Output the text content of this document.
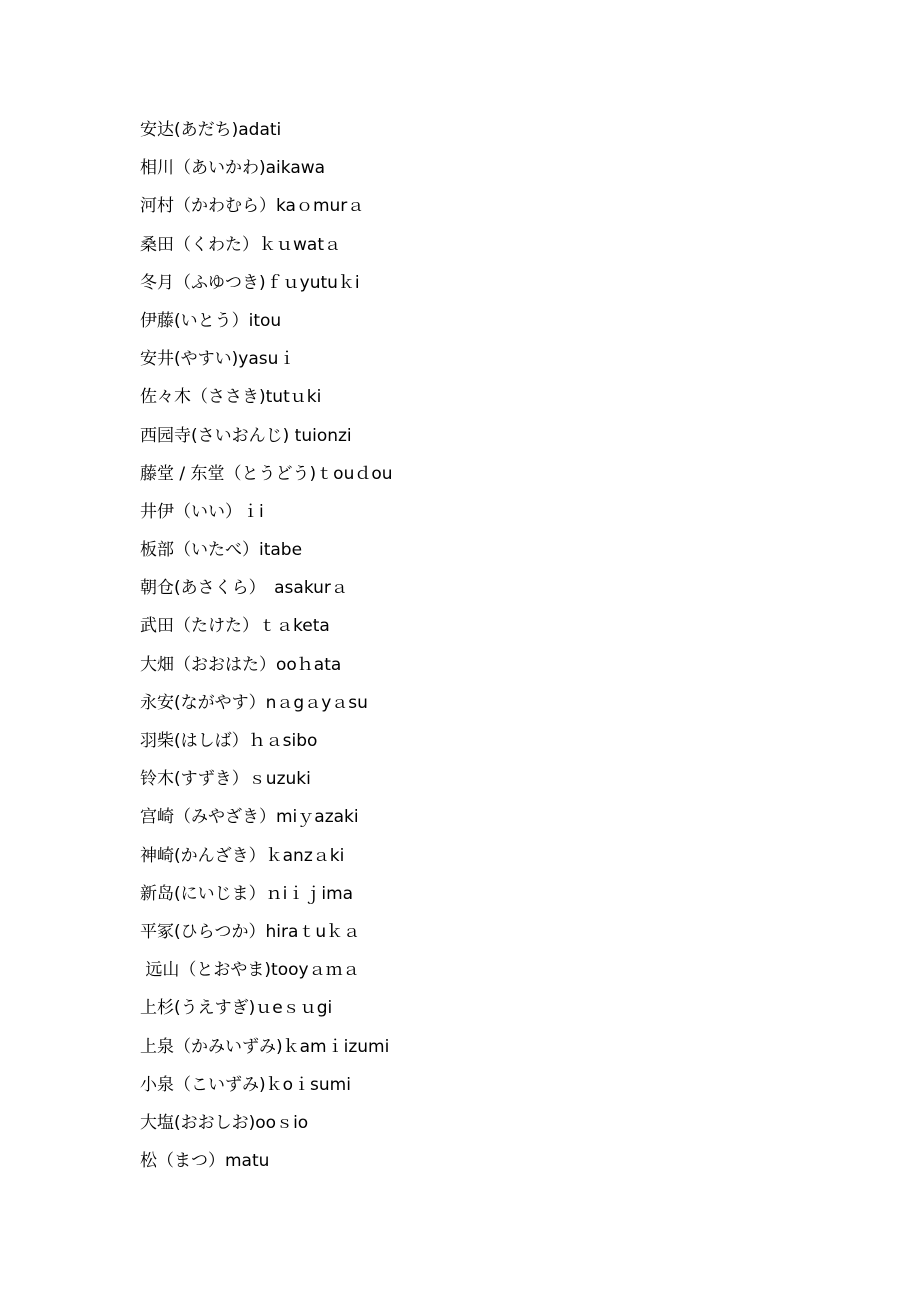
安达(あだち)adati
相川（あいかわ)aikawa
河村（かわむら）kaｏmurａ
桑田（くわた）ｋｕwatａ
冬月（ふゆつき)ｆｕyutuｋi
伊藤(いとう）itou
安井(やすい)yasuｉ
佐々木（ささき)tutｕki
西园寺(さいおんじ) tuionzi
藤堂 / 东堂（とうどう)ｔouｄou
井伊（いい）ｉi
板部（いたべ）itabe
朝仓(あさくら）　asakurａ
武田（たけた）ｔａketa
大畑（おおはた）ooｈata
永安(ながやす）nａgａyａsu
羽柴(はしば）ｈａsibo
铃木(すずき）ｓuzuki
宫崎（みやざき）miｙazaki
神崎(かんざき）ｋanzａki
新岛(にいじま）ｎiｉｊima
平冢(ひらつか）hiraｔuｋａ
远山（とおやま)tooyａｍａ
上杉(うえすぎ)ｕeｓｕgi
上泉（かみいずみ)ｋamｉizumi
小泉（こいずみ)ｋoｉsumi
大塩(おおしお)ooｓio
松（まつ）matu
